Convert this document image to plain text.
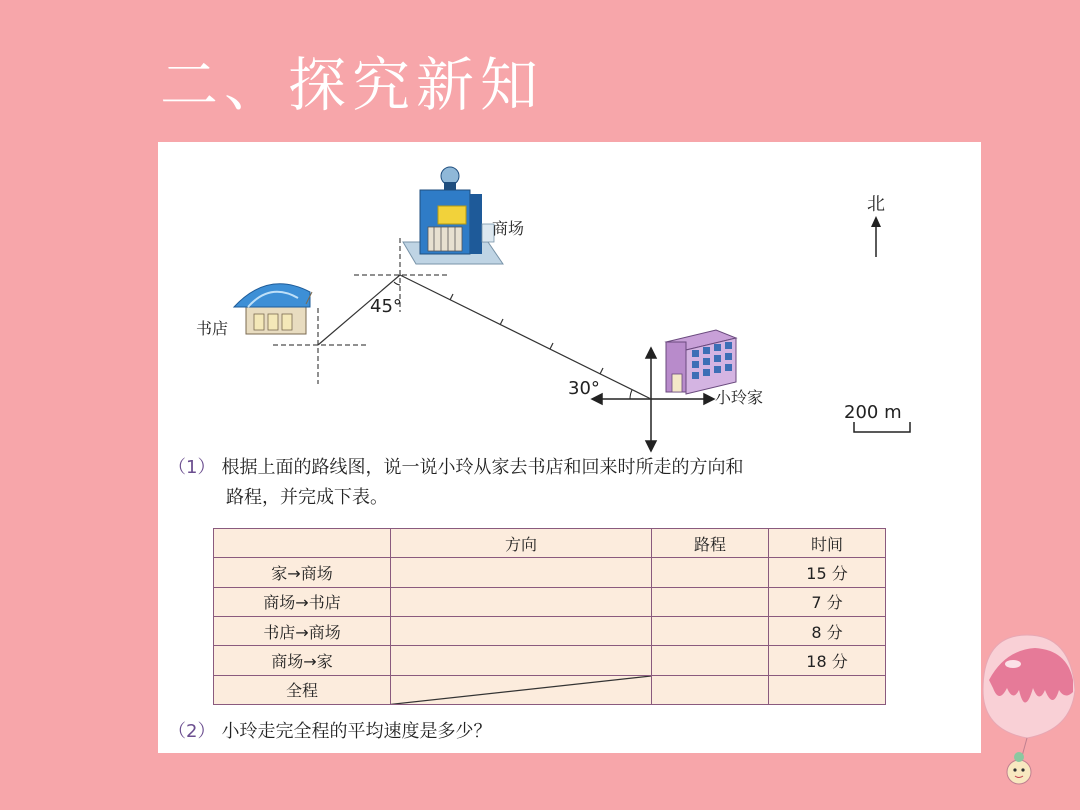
二、探究新知
北
商场
书店
小玲家
45°
30°
200 m
（1） 根据上面的路线图，说一说小玲从家去书店和回来时所走的方向和
路程，并完成下表。
	方向	路程	时间
家→商场			15 分
商场→书店			7 分
书店→商场			8 分
商场→家			18 分
全程	

（2） 小玲走完全程的平均速度是多少？
